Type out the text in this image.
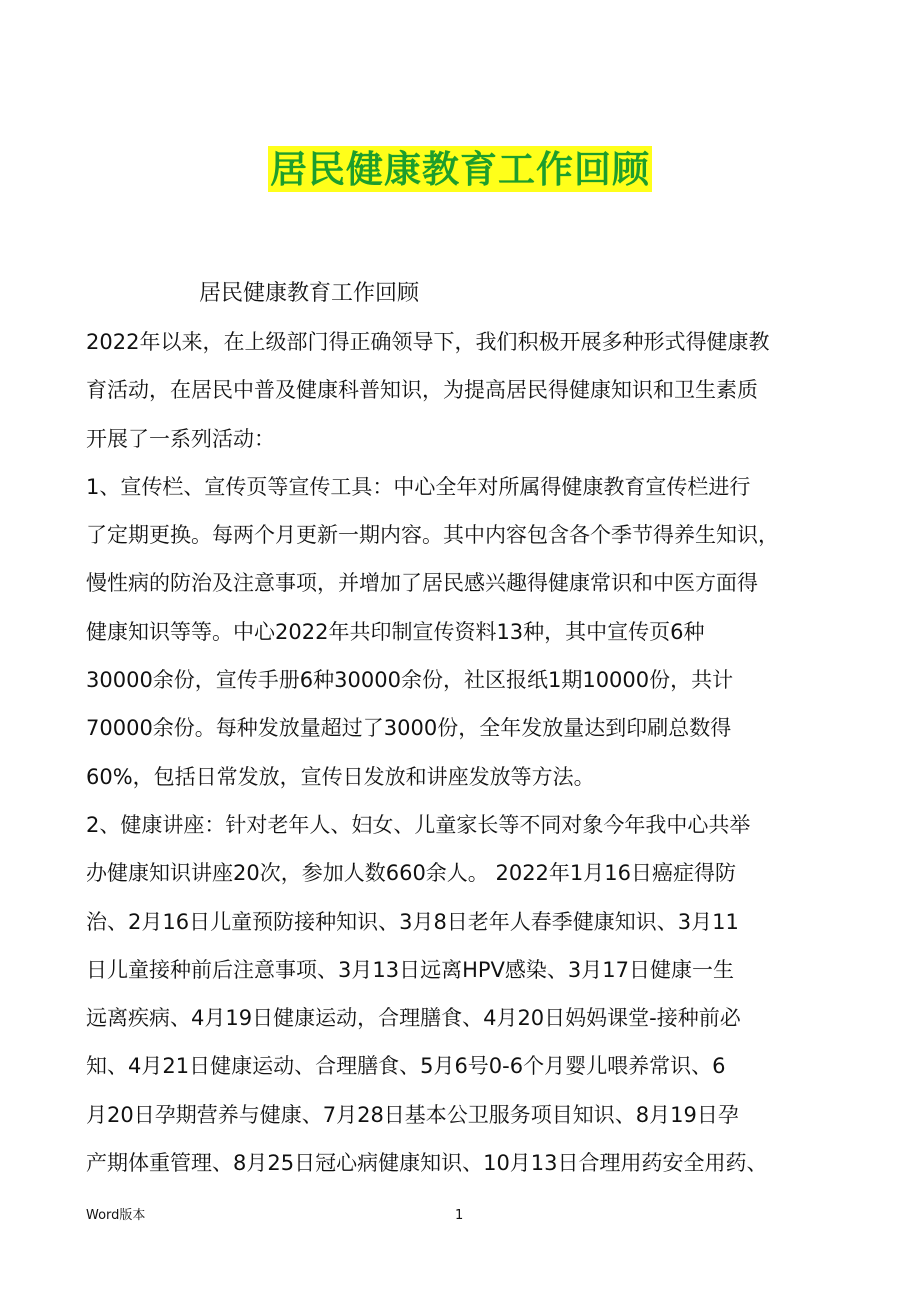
居民健康教育工作回顾
居民健康教育工作回顾
2022年以来，在上级部门得正确领导下，我们积极开展多种形式得健康教
育活动，在居民中普及健康科普知识，为提高居民得健康知识和卫生素质
开展了一系列活动：
1、宣传栏、宣传页等宣传工具：中心全年对所属得健康教育宣传栏进行
了定期更换。每两个月更新一期内容。其中内容包含各个季节得养生知识，
慢性病的防治及注意事项，并增加了居民感兴趣得健康常识和中医方面得
健康知识等等。中心2022年共印制宣传资料13种，其中宣传页6种
30000余份，宣传手册6种30000余份，社区报纸1期10000份，共计
70000余份。每种发放量超过了3000份，全年发放量达到印刷总数得
60%，包括日常发放，宣传日发放和讲座发放等方法。
2、健康讲座：针对老年人、妇女、儿童家长等不同对象今年我中心共举
办健康知识讲座20次，参加人数660余人。 2022年1月16日癌症得防
治、2月16日儿童预防接种知识、3月8日老年人春季健康知识、3月11
日儿童接种前后注意事项、3月13日远离HPV感染、3月17日健康一生
远离疾病、4月19日健康运动，合理膳食、4月20日妈妈课堂-接种前必
知、4月21日健康运动、合理膳食、5月6号0-6个月婴儿喂养常识、6
月20日孕期营养与健康、7月28日基本公卫服务项目知识、8月19日孕
产期体重管理、8月25日冠心病健康知识、10月13日合理用药安全用药、
Word版本	1
